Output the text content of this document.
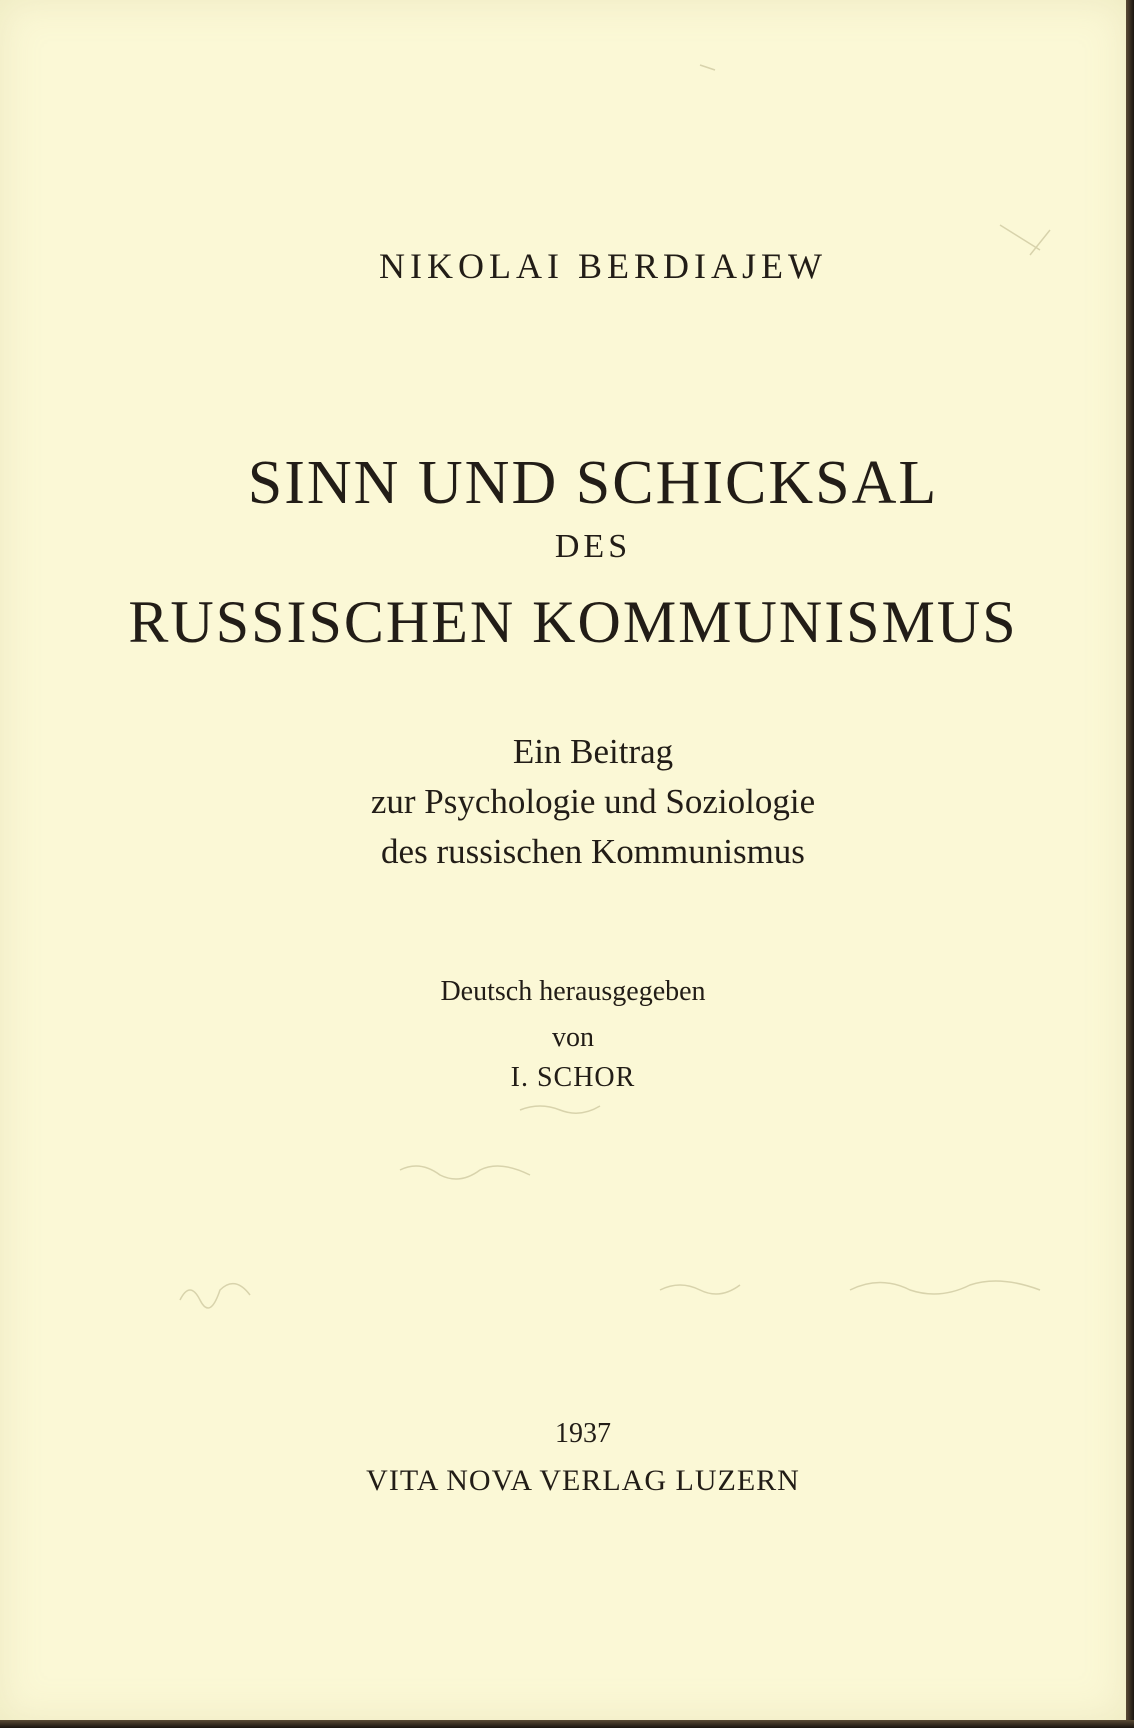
NIKOLAI BERDIAJEW
SINN UND SCHICKSAL
DES
RUSSISCHEN KOMMUNISMUS
Ein Beitrag
zur Psychologie und Soziologie
des russischen Kommunismus
Deutsch herausgegeben
von
I. SCHOR
1937
VITA NOVA VERLAG LUZERN
